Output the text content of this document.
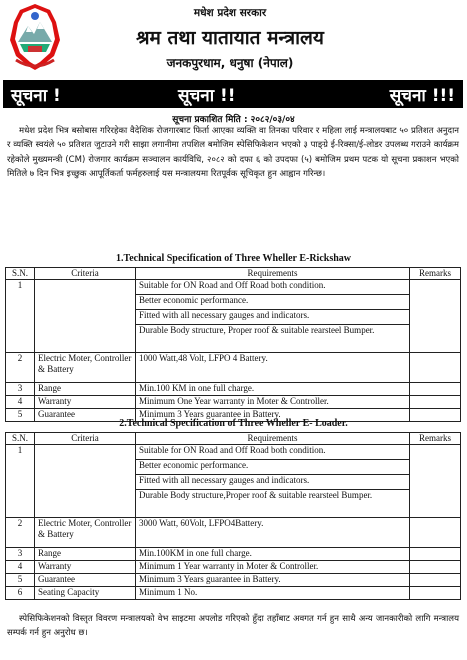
मधेश प्रदेश सरकार
श्रम तथा यातायात मन्त्रालय
जनकपुरधाम, धनुषा (नेपाल)
सूचना !	सूचना !!	सूचना !!!
सूचना प्रकाशित मिति : २०८२/०३/०४
मधेश प्रदेश भित्र बसोबास गरिरहेका वैदेशिक रोजगारबाट फिर्ता आएका व्यक्ति वा तिनका परिवार र महिला लाई मन्त्रालयबाट ५० प्रतिशत अनुदान र व्यक्ति स्वयंले ५० प्रतिशत जुटाउने गरी साझा लगानीमा तपशिल बमोजिम स्पेसिफिकेशन भएको ३ पाङ्ग्रे ई-रिक्सा/ई-लोडर उपलब्ध गराउने कार्यक्रम रहेकोले मुख्यमन्त्री (CM) रोजगार कार्यक्रम सञ्चालन कार्यविधि, २०८२ को दफा ६ को उपदफा (५) बमोजिम प्रथम पटक यो सूचना प्रकाशन भएको मितिले ७ दिन भित्र इच्छुक आपूर्तिकर्ता फर्महरुलाई यस मन्त्रालयमा रितपूर्वक सूचिकृत हुन आह्वान गरिन्छ।
1.Technical Specification of Three Wheller E-Rickshaw
S.N.	Criteria	Requirements	Remarks
1		Suitable for ON Road and Off Road both condition.	
		Better economic performance.	
		Fitted with all necessary gauges and indicators.	
		Durable Body structure, Proper roof & suitable rearsteel Bumper.	
2	Electric Moter, Controller & Battery	1000 Watt,48 Volt, LFPO 4 Battery.	
3	Range	Min.100 KM in one full charge.	
4	Warranty	Minimum One Year warranty in Moter & Controller.	
5	Guarantee	Minimum 3 Years guarantee in Battery.	
2.Technical Specification of Three Wheller E- Loader.
S.N.	Criteria	Requirements	Remarks
1		Suitable for ON Road and Off Road both condition.	
		Better economic performance.	
		Fitted with all necessary gauges and indicators.	
		Durable Body structure,Proper roof & suitable rearsteel Bumper.	
2	Electric Moter, Controller & Battery	3000 Watt, 60Volt, LFPO4Battery.	
3	Range	Min.100KM in one full charge.	
4	Warranty	Minimum 1 Year warranty in Moter & Controller.	
5	Guarantee	Minimum 3 Years guarantee in Battery.	
6	Seating Capacity	Minimum 1 No.	
स्पेसिफिकेशनको विस्तृत विवरण मन्त्रालयको वेभ साइटमा अपलोड गरिएको हुँदा तहाँबाट अवगत गर्न हुन साथै अन्य जानकारीको लागि मन्त्रालय सम्पर्क गर्न हुन अनुरोध छ।
